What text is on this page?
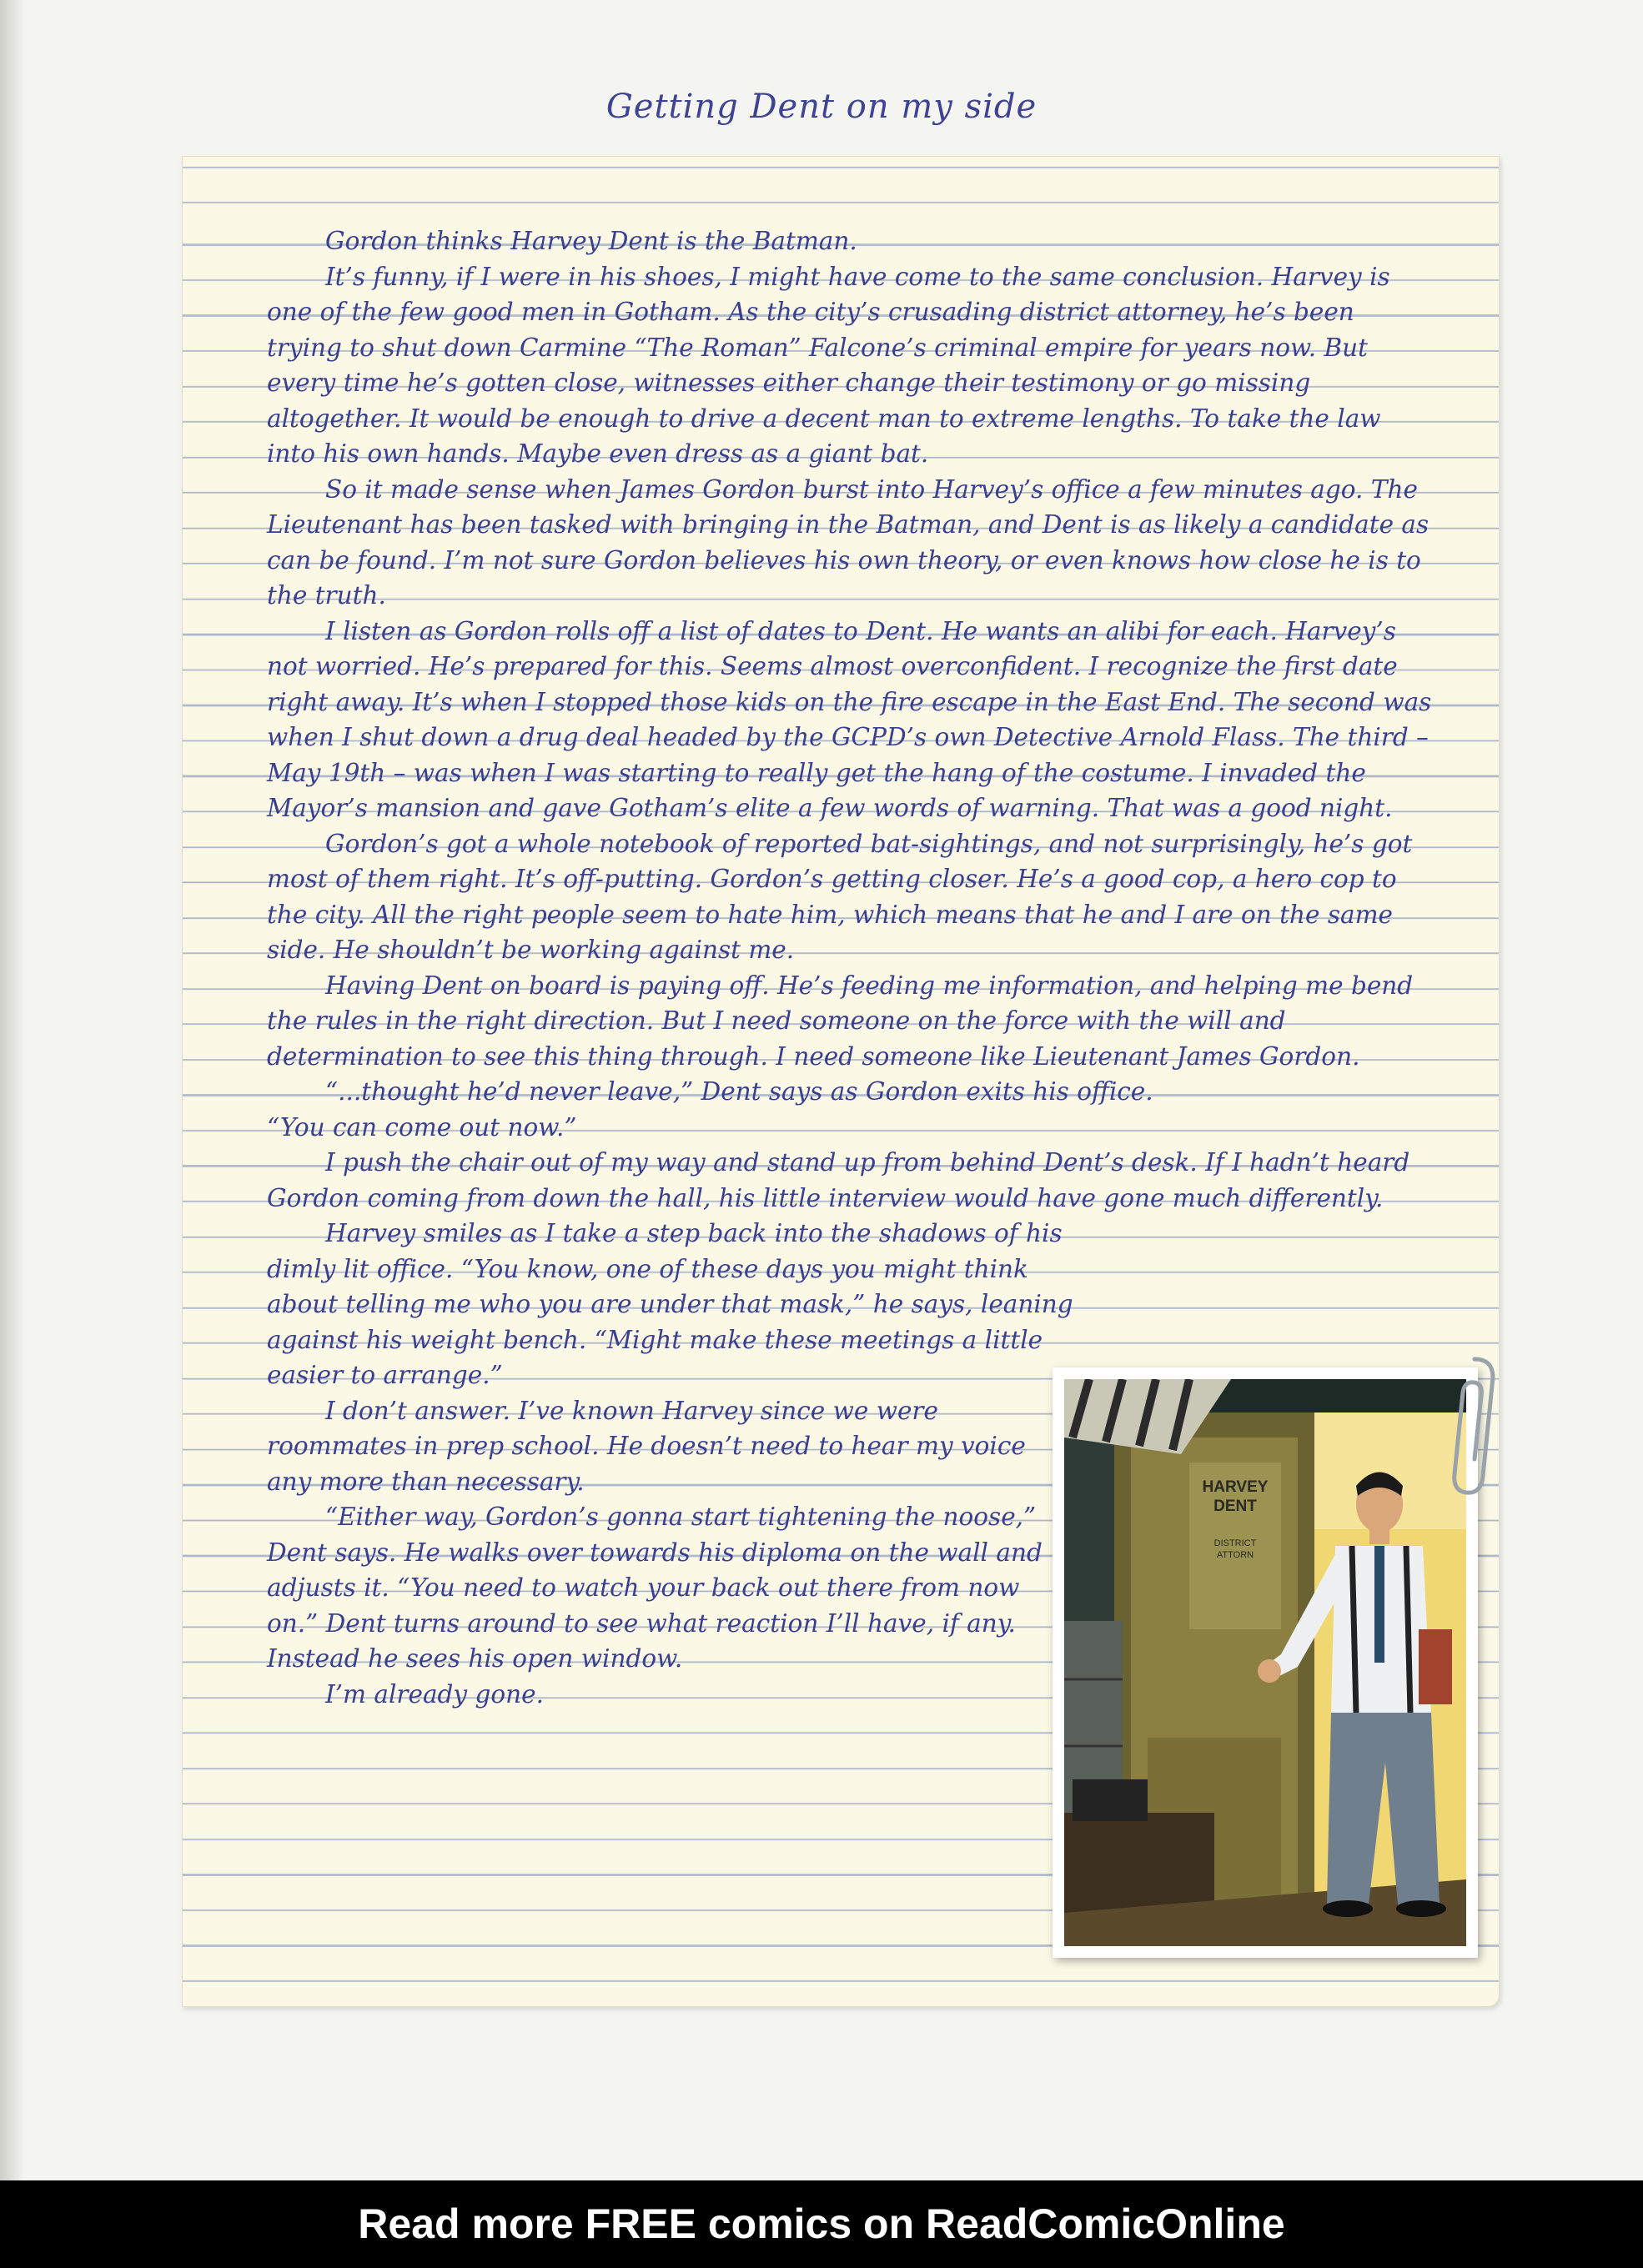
Getting Dent on my side

Gordon thinks Harvey Dent is the Batman.

It’s funny, if I were in his shoes, I might have come to the same conclusion. Harvey is one of the few good men in Gotham. As the city’s crusading district attorney, he’s been trying to shut down Carmine “The Roman” Falcone’s criminal empire for years now. But every time he’s gotten close, witnesses either change their testimony or go missing altogether. It would be enough to drive a decent man to extreme lengths. To take the law into his own hands. Maybe even dress as a giant bat.

So it made sense when James Gordon burst into Harvey’s office a few minutes ago. The Lieutenant has been tasked with bringing in the Batman, and Dent is as likely a candidate as can be found. I’m not sure Gordon believes his own theory, or even knows how close he is to the truth.

I listen as Gordon rolls off a list of dates to Dent. He wants an alibi for each. Harvey’s not worried. He’s prepared for this. Seems almost overconfident. I recognize the first date right away. It’s when I stopped those kids on the fire escape in the East End. The second was when I shut down a drug deal headed by the GCPD’s own Detective Arnold Flass. The third – May 19th – was when I was starting to really get the hang of the costume. I invaded the Mayor’s mansion and gave Gotham’s elite a few words of warning. That was a good night.

Gordon’s got a whole notebook of reported bat-sightings, and not surprisingly, he’s got most of them right. It’s off-putting. Gordon’s getting closer. He’s a good cop, a hero cop to the city. All the right people seem to hate him, which means that he and I are on the same side. He shouldn’t be working against me.

Having Dent on board is paying off. He’s feeding me information, and helping me bend the rules in the right direction. But I need someone on the force with the will and determination to see this thing through. I need someone like Lieutenant James Gordon.

“...thought he’d never leave,” Dent says as Gordon exits his office.

“You can come out now.”

I push the chair out of my way and stand up from behind Dent’s desk. If I hadn’t heard Gordon coming from down the hall, his little interview would have gone much differently.

Harvey smiles as I take a step back into the shadows of his dimly lit office. “You know, one of these days you might think about telling me who you are under that mask,” he says, leaning against his weight bench. “Might make these meetings a little easier to arrange.”

I don’t answer. I’ve known Harvey since we were roommates in prep school. He doesn’t need to hear my voice any more than necessary.

“Either way, Gordon’s gonna start tightening the noose,” Dent says. He walks over towards his diploma on the wall and adjusts it. “You need to watch your back out there from now on.” Dent turns around to see what reaction I’ll have, if any. Instead he sees his open window.

I’m already gone.

HARVEY
DENT
DISTRICT
ATTORN
Read more FREE comics on ReadComicOnline
